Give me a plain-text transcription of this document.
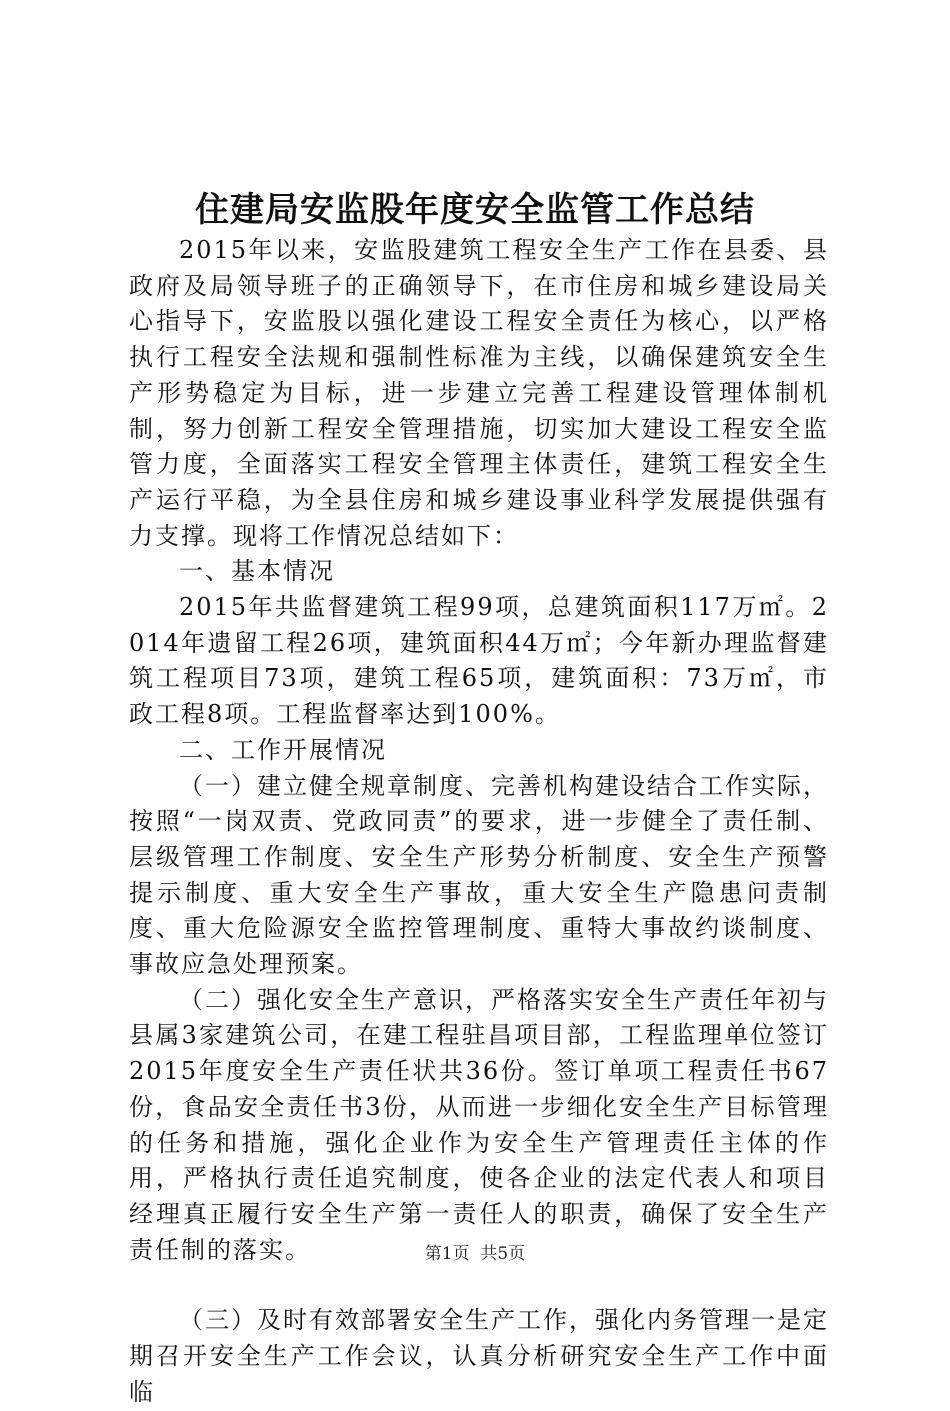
住建局安监股年度安全监管工作总结

2015年以来，安监股建筑工程安全生产工作在县委、县政府及局领导班子的正确领导下，在市住房和城乡建设局关心指导下，安监股以强化建设工程安全责任为核心，以严格执行工程安全法规和强制性标准为主线，以确保建筑安全生产形势稳定为目标，进一步建立完善工程建设管理体制机制，努力创新工程安全管理措施，切实加大建设工程安全监管力度，全面落实工程安全管理主体责任，建筑工程安全生产运行平稳，为全县住房和城乡建设事业科学发展提供强有力支撑。现将工作情况总结如下：

一、基本情况

2015年共监督建筑工程99项，总建筑面积117万㎡。2014年遗留工程26项，建筑面积44万㎡；今年新办理监督建筑工程项目73项，建筑工程65项，建筑面积：73万㎡，市政工程8项。工程监督率达到100%。

二、工作开展情况

（一）建立健全规章制度、完善机构建设结合工作实际，按照“一岗双责、党政同责”的要求，进一步健全了责任制、层级管理工作制度、安全生产形势分析制度、安全生产预警提示制度、重大安全生产事故，重大安全生产隐患问责制度、重大危险源安全监控管理制度、重特大事故约谈制度、事故应急处理预案。

（二）强化安全生产意识，严格落实安全生产责任年初与县属3家建筑公司，在建工程驻昌项目部，工程监理单位签订2015年度安全生产责任状共36份。签订单项工程责任书67份，食品安全责任书3份，从而进一步细化安全生产目标管理的任务和措施，强化企业作为安全生产管理责任主体的作用，严格执行责任追究制度，使各企业的法定代表人和项目经理真正履行安全生产第一责任人的职责，确保了安全生产责任制的落实。

（三）及时有效部署安全生产工作，强化内务管理一是定期召开安全生产工作会议，认真分析研究安全生产工作中面临

第1页  共5页
